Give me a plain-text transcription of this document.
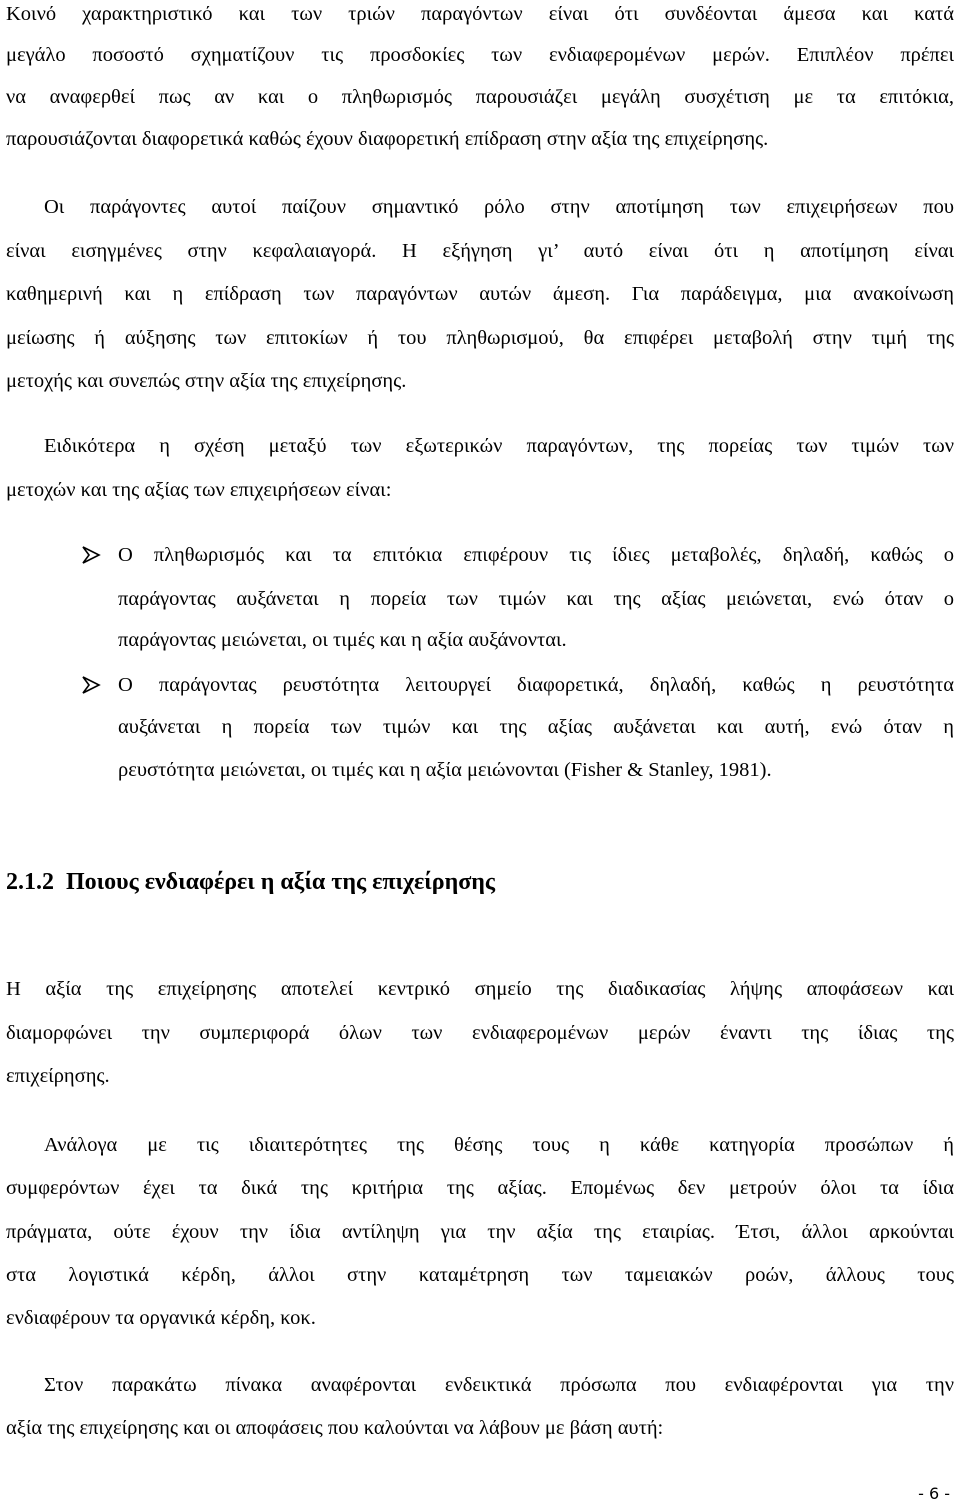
Κοινό χαρακτηριστικό και των τριών παραγόντων είναι ότι συνδέονται άμεσα και κατά
μεγάλο ποσοστό σχηματίζουν τις προσδοκίες των ενδιαφερομένων μερών. Επιπλέον πρέπει
να αναφερθεί πως αν και ο πληθωρισμός παρουσιάζει μεγάλη συσχέτιση με τα επιτόκια,
παρουσιάζονται διαφορετικά καθώς έχουν διαφορετική επίδραση στην αξία της επιχείρησης.
Οι παράγοντες αυτοί παίζουν σημαντικό ρόλο στην αποτίμηση των επιχειρήσεων που
είναι εισηγμένες στην κεφαλαιαγορά. Η εξήγηση γι’ αυτό είναι ότι η αποτίμηση είναι
καθημερινή και η επίδραση των παραγόντων αυτών άμεση. Για παράδειγμα, μια ανακοίνωση
μείωσης ή αύξησης των επιτοκίων ή του πληθωρισμού, θα επιφέρει μεταβολή στην τιμή της
μετοχής και συνεπώς στην αξία της επιχείρησης.
Ειδικότερα η σχέση μεταξύ των εξωτερικών παραγόντων, της πορείας των τιμών των
μετοχών και της αξίας των επιχειρήσεων είναι:
Ο πληθωρισμός και τα επιτόκια επιφέρουν τις ίδιες μεταβολές, δηλαδή, καθώς ο
παράγοντας αυξάνεται η πορεία των τιμών και της αξίας μειώνεται, ενώ όταν ο
παράγοντας μειώνεται, οι τιμές και η αξία αυξάνονται.
Ο παράγοντας ρευστότητα λειτουργεί διαφορετικά, δηλαδή, καθώς η ρευστότητα
αυξάνεται η πορεία των τιμών και της αξίας αυξάνεται και αυτή, ενώ όταν η
ρευστότητα μειώνεται, οι τιμές και η αξία μειώνονται (Fisher & Stanley, 1981).
2.1.2 Ποιους ενδιαφέρει η αξία της επιχείρησης
Η αξία της επιχείρησης αποτελεί κεντρικό σημείο της διαδικασίας λήψης αποφάσεων και
διαμορφώνει την συμπεριφορά όλων των ενδιαφερομένων μερών έναντι της ίδιας της
επιχείρησης.
Ανάλογα με τις ιδιαιτερότητες της θέσης τους η κάθε κατηγορία προσώπων ή
συμφερόντων έχει τα δικά της κριτήρια της αξίας. Επομένως δεν μετρούν όλοι τα ίδια
πράγματα, ούτε έχουν την ίδια αντίληψη για την αξία της εταιρίας. Έτσι, άλλοι αρκούνται
στα λογιστικά κέρδη, άλλοι στην καταμέτρηση των ταμειακών ροών, άλλους τους
ενδιαφέρουν τα οργανικά κέρδη, κοκ.
Στον παρακάτω πίνακα αναφέρονται ενδεικτικά πρόσωπα που ενδιαφέρονται για την
αξία της επιχείρησης και οι αποφάσεις που καλούνται να λάβουν με βάση αυτή:
- 6 -
